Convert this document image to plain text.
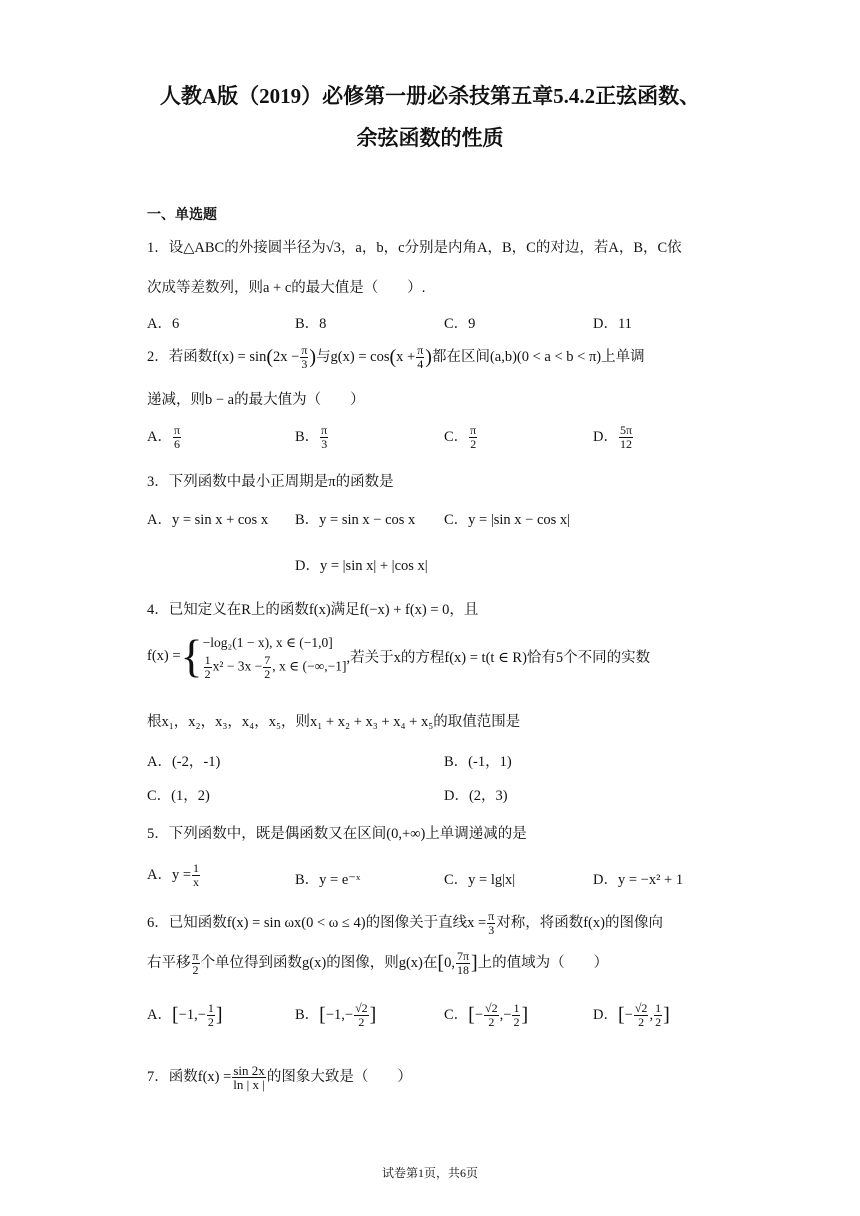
人教A版（2019）必修第一册必杀技第五章5.4.2正弦函数、
余弦函数的性质
一、单选题
1．设△ABC的外接圆半径为√3，a，b，c分别是内角A，B，C的对边，若A，B，C依
次成等差数列，则a + c的最大值是（　　）.
A．6	B．8	C．9	D．11
2．若函数$f(x) = \sin(2x - \frac{\pi}{3}$ )与$g(x) = \cos(x + \frac{\pi}{4}$ )都在区间(a,b)(0 < a < b < π)上单调
递减，则b − a的最大值为（　　）
A． $\frac{\pi}{6}$	B． $\frac{\pi}{3}$	C． $\frac{\pi}{2}$	D． $\frac{5\pi}{12}$
3．下列函数中最小正周期是π的函数是
A．y = sin x + cos x B．y = sin x − cos x C．y = |sin x − cos x|
D．y = |sin x| + |cos x|
4．已知定义在R上的函数f(x)满足f(−x) + f(x) = 0，且
f(x) ={ −log₂(1 − x), x ∈ (−1,0]
$\frac{1}{2} x^2 - 3x - \frac{7}{2}$ , x ∈ (−∞,−1]
,若关于x的方程f(x) = t(t ∈ R)恰有5个不同的实数
根x₁，x₂，x₃，x₄，x₅，则x₁ + x₂ + x₃ + x₄ + x₅的取值范围是
A．(-2，-1)	B．(-1，1)
C．(1，2)	D．(2，3)
5．下列函数中，既是偶函数又在区间(0,+∞)上单调递减的是
A．$y = \frac{1}{x}$	B．y = e⁻ˣ	C．y = lg|x|	D．y = −x² + 1
6．已知函数f(x) = sin ωx(0 < ω ≤ 4)的图像关于直线$x = \frac{\pi}{3}$ 对称，将函数f(x)的图像向
右平移 $\frac{\pi}{2}$ 个单位得到函数g(x)的图像，则g(x)在[0, $\frac{7\pi}{18}$ ]上的值域为（　　）
A．[$-1,- \frac{1}{2}$ ]	B．[$-1,- \frac{√2}{2}$ ]	C．[− $\frac{√2}{2}$ ,− $\frac{1}{2}$ ]	D．[− $\frac{√2}{2}$ , $\frac{1}{2}$ ]
7．函数$f(x) = \frac{\sin 2x}{\ln | x |}$ 的图象大致是（　　）
试卷第1页，共6页
